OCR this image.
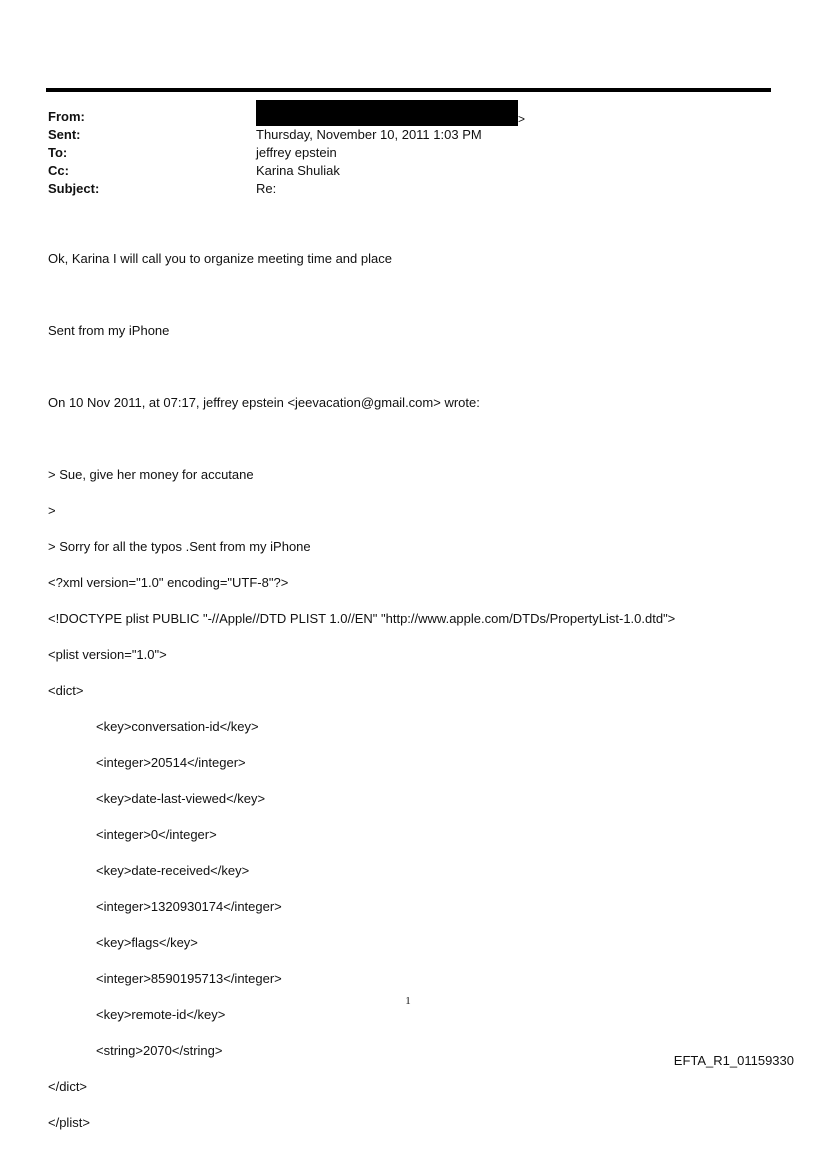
From:	>
Sent:	Thursday, November 10, 2011 1:03 PM
To:	jeffrey epstein
Cc:	Karina Shuliak
Subject:	Re:

Ok, Karina I will call you to organize meeting time and place

Sent from my iPhone

On 10 Nov 2011, at 07:17, jeffrey epstein <jeevacation@gmail.com> wrote:

> Sue, give her money for accutane

>

> Sorry for all the typos .Sent from my iPhone

<?xml version="1.0" encoding="UTF-8"?>

<!DOCTYPE plist PUBLIC "-//Apple//DTD PLIST 1.0//EN" "http://www.apple.com/DTDs/PropertyList-1.0.dtd">

<plist version="1.0">

<dict>

<key>conversation-id</key>

<integer>20514</integer>

<key>date-last-viewed</key>

<integer>0</integer>

<key>date-received</key>

<integer>1320930174</integer>

<key>flags</key>

<integer>8590195713</integer>

<key>remote-id</key>

<string>2070</string>

</dict>

</plist>

1
EFTA_R1_01159330
